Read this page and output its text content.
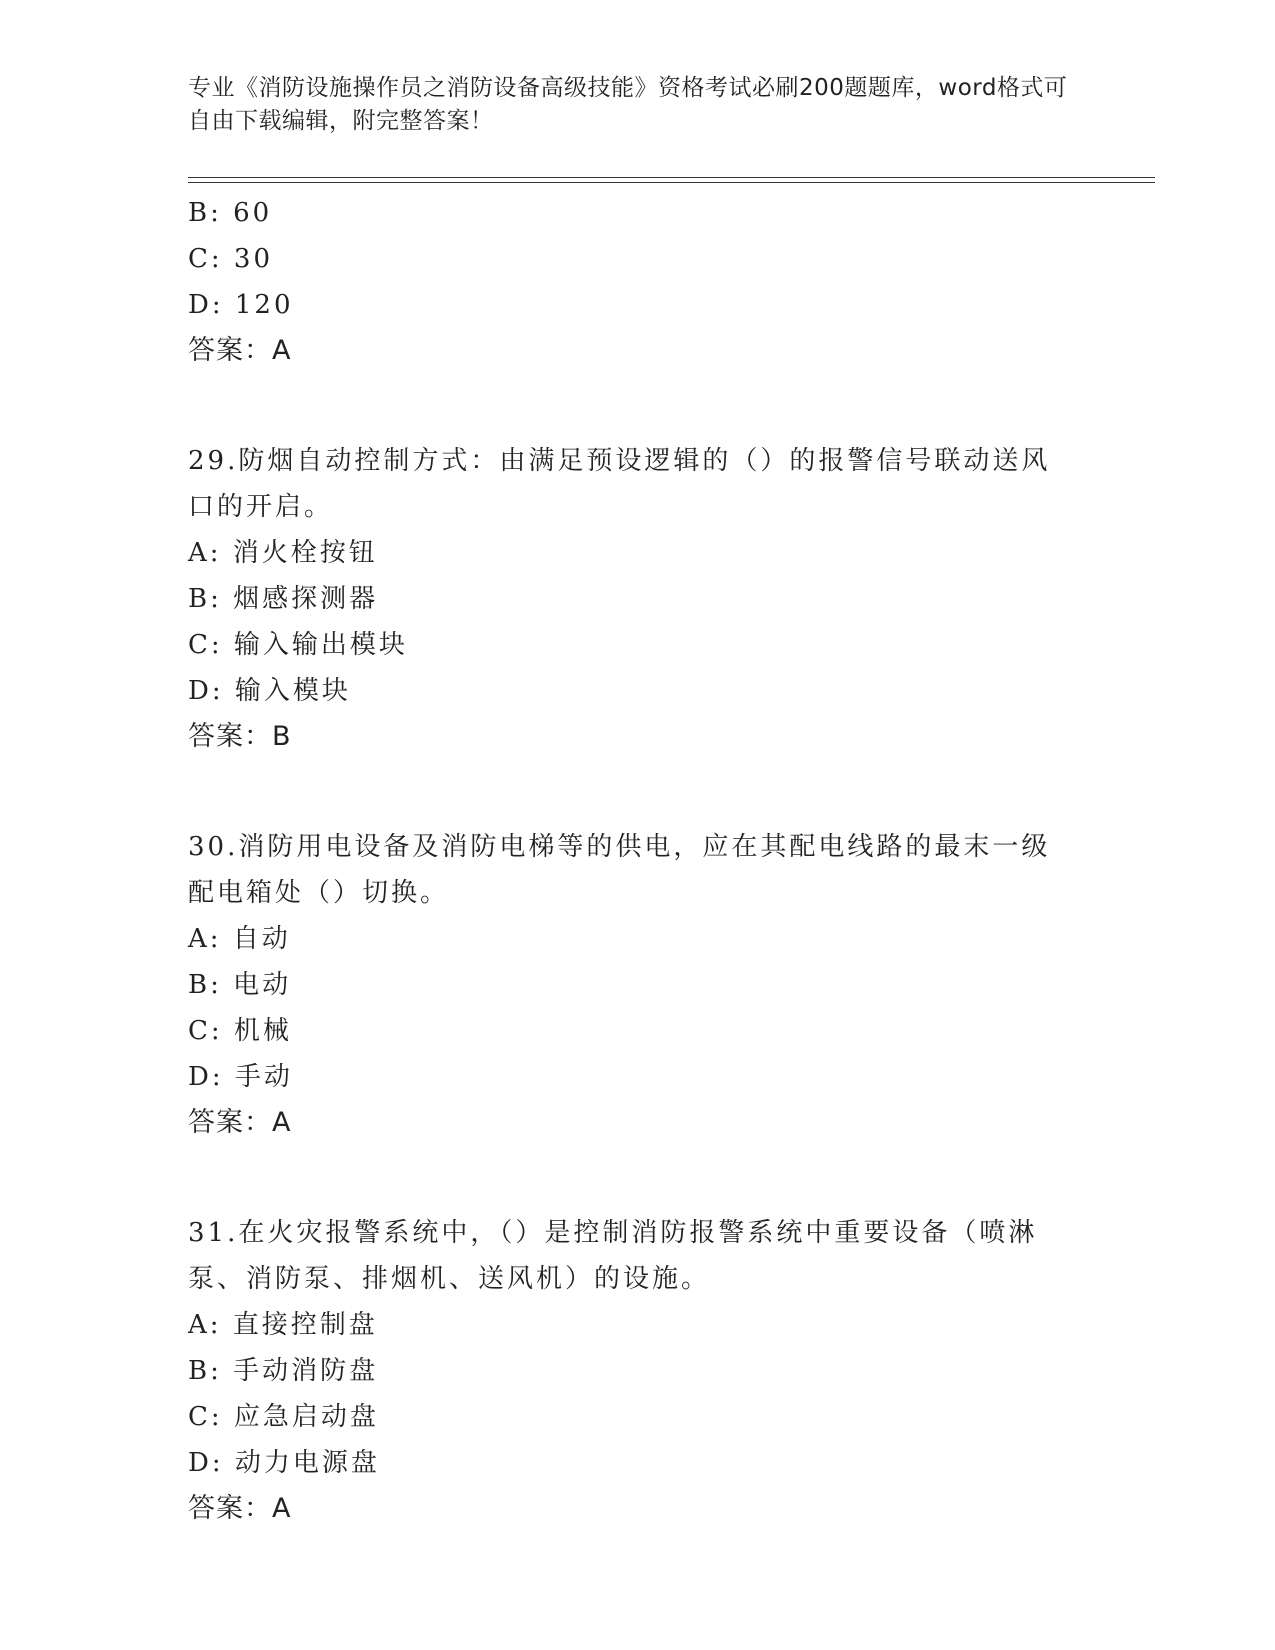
专业《消防设施操作员之消防设备高级技能》资格考试必刷200题题库，word格式可自由下载编辑，附完整答案！
B: 60
C: 30
D: 120
答案：A
29.防烟自动控制方式：由满足预设逻辑的（）的报警信号联动送风口的开启。
A: 消火栓按钮
B: 烟感探测器
C: 输入输出模块
D: 输入模块
答案：B
30.消防用电设备及消防电梯等的供电，应在其配电线路的最末一级配电箱处（）切换。
A: 自动
B: 电动
C: 机械
D: 手动
答案：A
31.在火灾报警系统中，（）是控制消防报警系统中重要设备（喷淋泵、消防泵、排烟机、送风机）的设施。
A: 直接控制盘
B: 手动消防盘
C: 应急启动盘
D: 动力电源盘
答案：A
